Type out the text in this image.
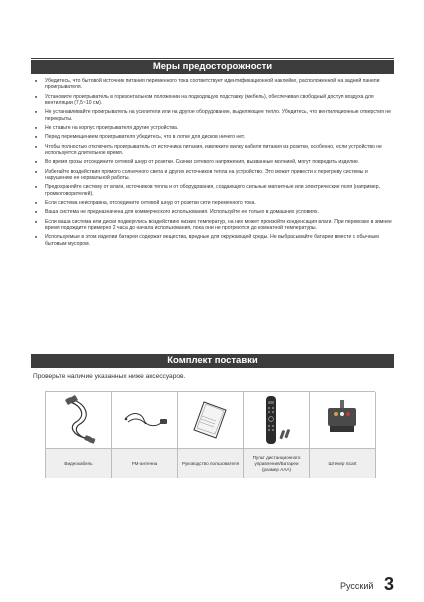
Меры предосторожности
■ Убедитесь, что бытовой источник питания переменного тока соответствует идентификационной наклейке, расположенной на задней панели проигрывателя.
■ Установите проигрыватель в горизонтальном положении на подходящую подставку (мебель), обеспечивая свободный доступ воздуха для вентиляции (7,5~10 см).
■ Не устанавливайте проигрыватель на усилители или на другое оборудование, выделяющее тепло. Убедитесь, что вентиляционные отверстия не перекрыты.
■ Не ставьте на корпус проигрывателя другие устройства.
■ Перед перемещением проигрывателя убедитесь, что в лотке для дисков ничего нет.
■ Чтобы полностью отключить проигрыватель от источника питания, извлеките вилку кабеля питания из розетки, особенно, если устройство не используется длительное время.
■ Во время грозы отсоедините сетевой шнур от розетки. Скачки сетевого напряжения, вызванные молнией, могут повредить изделие.
■ Избегайте воздействия прямого солнечного света и других источников тепла на устройство. Это может привести к перегреву системы и нарушению ее нормальной работы.
■ Предохраняйте систему от влаги, источников тепла и от оборудования, создающего сильные магнитные или электрические поля (например, громкоговорителей).
■ Если система неисправна, отсоедините сетевой шнур от розетки сети переменного тока.
■ Ваша система не предназначена для коммерческого использования. Используйте ее только в домашних условиях.
■ Если ваша система или диски подверглись воздействию низких температур, на них может произойти конденсация влаги. При перевозке в зимнее время подождите примерно 2 часа до начала использования, пока они не прогреются до комнатной температуры.
■ Используемые в этом изделии батареи содержат вещества, вредные для окружающей среды. Не выбрасывайте батареи вместе с обычным бытовым мусором.
Комплект поставки
Проверьте наличие указанных ниже аксессуаров.
Видеокабель	FM-антенна	Руководство пользователя
Пульт дистанционного управления/Батареи (размер AAA)
Штекер Scart
Русский 3
